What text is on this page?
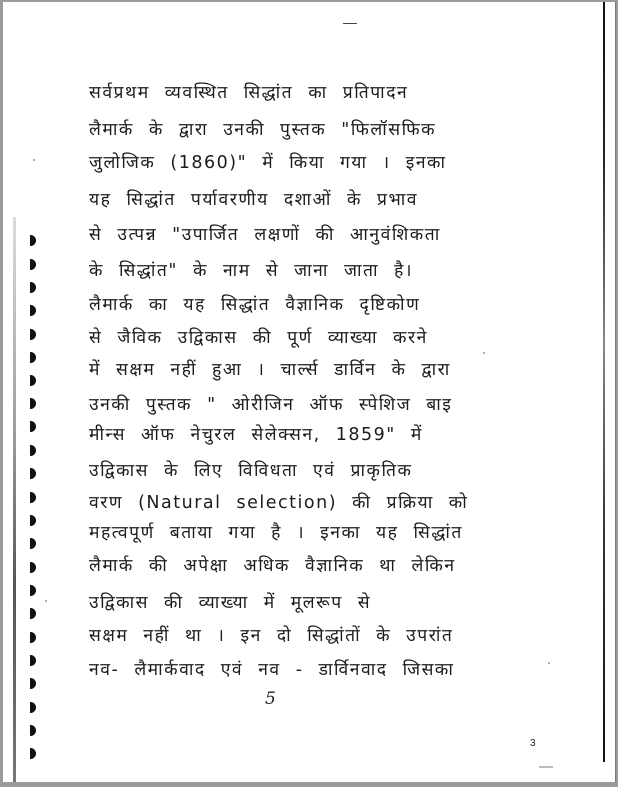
सर्वप्रथम व्यवस्थित सिद्धांत का प्रतिपादन
लैमार्क के द्वारा उनकी पुस्तक "फिलॉसफिक
जुलोजिक (1860)" में किया गया । इनका
यह सिद्धांत पर्यावरणीय दशाओं के प्रभाव
से उत्पन्न "उपार्जित लक्षणों की आनुवंशिकता
के सिद्धांत" के नाम से जाना जाता है।
लैमार्क का यह सिद्धांत वैज्ञानिक दृष्टिकोण
से जैविक उद्विकास की पूर्ण व्याख्या करने
में सक्षम नहीं हुआ । चार्ल्स डार्विन के द्वारा
उनकी पुस्तक " ओरीजिन ऑफ स्पेशिज बाइ
मीन्स ऑफ नेचुरल सेलेक्सन, 1859" में
उद्विकास के लिए विविधता एवं प्राकृतिक
वरण (Natural selection) की प्रक्रिया को
महत्वपूर्ण बताया गया है । इनका यह सिद्धांत
लैमार्क की अपेक्षा अधिक वैज्ञानिक था लेकिन
उद्विकास की व्याख्या में मूलरूप से
सक्षम नहीं था । इन दो सिद्धांतों के उपरांत
नव- लैमार्कवाद एवं नव - डार्विनवाद जिसका
5
3
